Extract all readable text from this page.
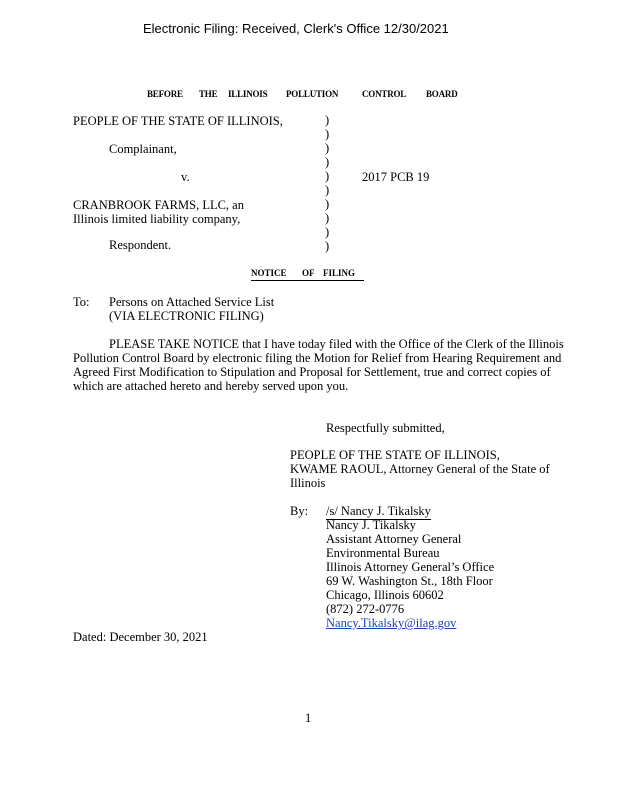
Electronic Filing: Received, Clerk's Office 12/30/2021
BEFORE THE ILLINOIS POLLUTION	CONTROL BOARD
PEOPLE OF THE STATE OF ILLINOIS,
Complainant,
v.
CRANBROOK FARMS, LLC, an
Illinois limited liability company,
Respondent.
2017 PCB 19
)
)
)
)
)
)
)
)
)
)
NOTICE OF FILING
To: Persons on Attached Service List
(VIA ELECTRONIC FILING)
PLEASE TAKE NOTICE that I have today filed with the Office of the Clerk of the Illinois
Pollution Control Board by electronic filing the Motion for Relief from Hearing Requirement and
Agreed First Modification to Stipulation and Proposal for Settlement, true and correct copies of
which are attached hereto and hereby served upon you.
Respectfully submitted,
PEOPLE OF THE STATE OF ILLINOIS,
KWAME RAOUL, Attorney General of the State of
Illinois
By: /s/ Nancy J. Tikalsky
Nancy J. Tikalsky
Assistant Attorney General
Environmental Bureau
Illinois Attorney General’s Office
69 W. Washington St., 18th Floor
Chicago, Illinois 60602
(872) 272-0776
Nancy.Tikalsky@ilag.gov
Dated: December 30, 2021
1
